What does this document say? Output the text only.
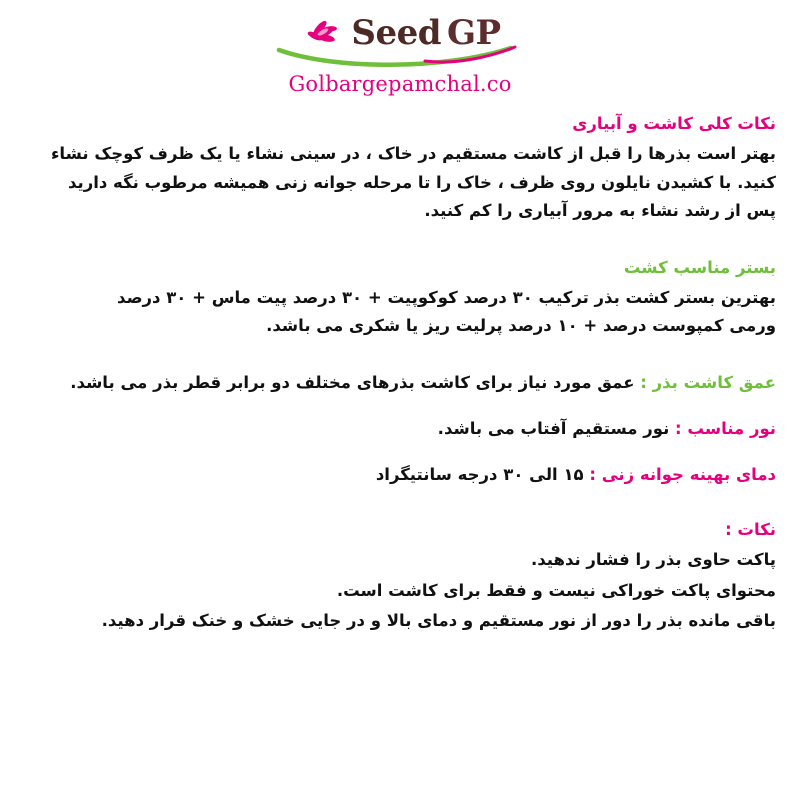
GP
Seed
Golbargepamchal.co
نکات کلی کاشت و آبیاری
بهتر است بذرها را قبل از کاشت مستقیم در خاک ، در سینی نشاء یا یک ظرف کوچک نشاء کنید. با کشیدن نایلون روی ظرف ، خاک را تا مرحله جوانه زنی همیشه مرطوب نگه دارید
پس از رشد نشاء به مرور آبیاری را کم کنید.
بستر مناسب کشت
بهترین بستر کشت بذر ترکیب ۳۰ درصد کوکوپیت + ۳۰ درصد پیت ماس + ۳۰ درصد
ورمی کمپوست درصد + ۱۰ درصد پرلیت ریز یا شکری می باشد.
عمق کاشت بذر : عمق مورد نیاز برای کاشت بذرهای مختلف دو برابر قطر بذر می باشد.
نور مناسب : نور مستقیم آفتاب می باشد.
دمای بهینه جوانه زنی : ۱۵ الی ۳۰ درجه سانتیگراد
نکات :

پاکت حاوی بذر را فشار ندهید.

محتوای پاکت خوراکی نیست و فقط برای کاشت است.

باقی مانده بذر را دور از نور مستقیم و دمای بالا و در جایی خشک و خنک قرار دهید.
